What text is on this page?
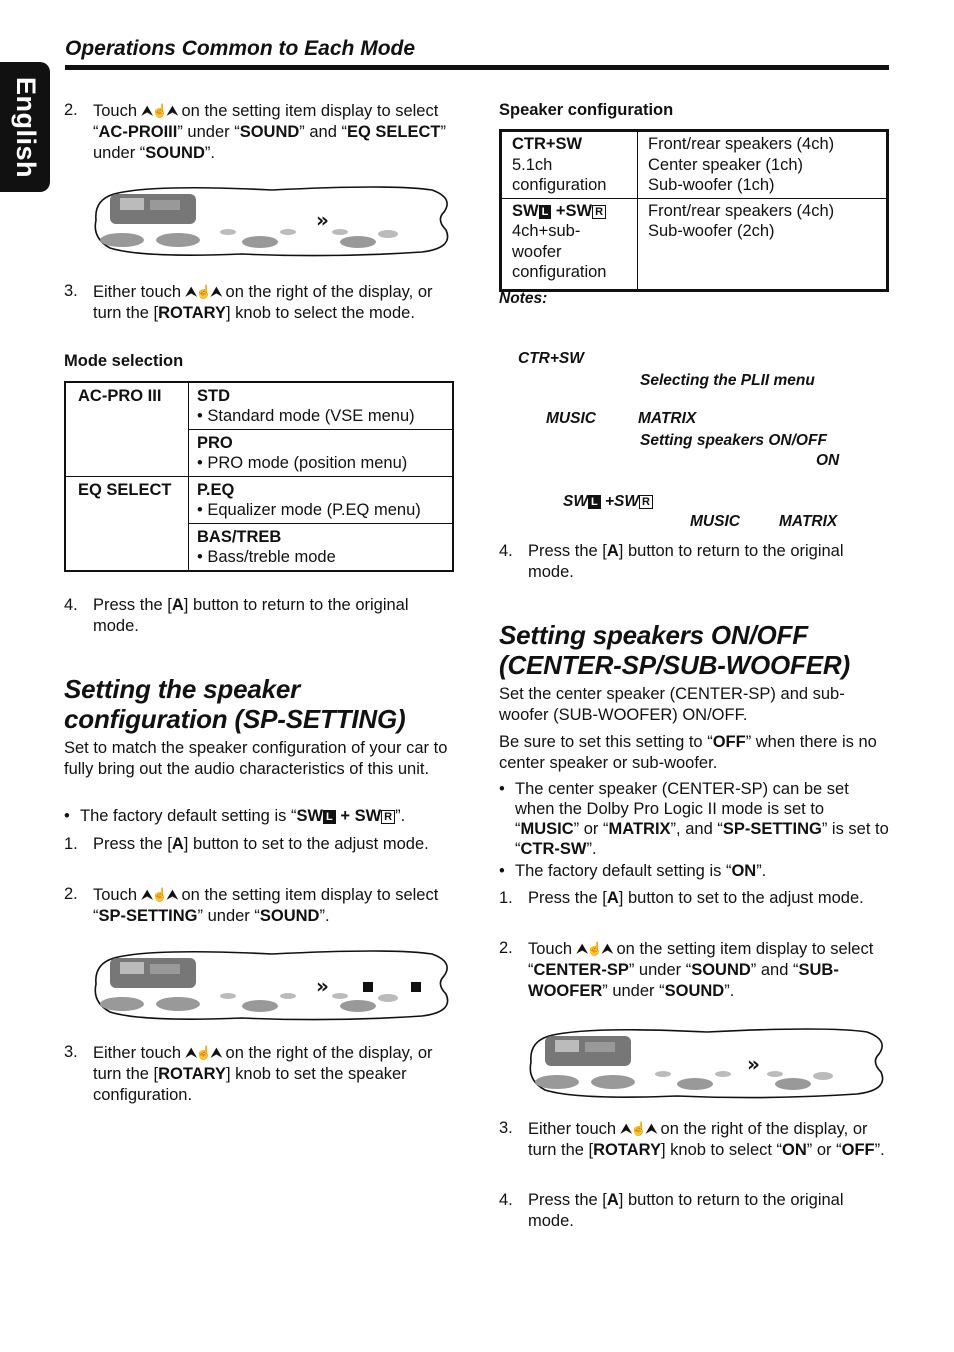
English
Operations Common to Each Mode
2. Touch ⮝☝⮝ on the setting item display to select “AC-PROIII” under “SOUND” and “EQ SELECT” under “SOUND”.
»
3. Either touch ⮝☝⮝ on the right of the display, or turn the [ROTARY] knob to select the mode.
Mode selection
AC-PRO III	STD
• Standard mode (VSE menu)
	PRO
• PRO mode (position menu)
EQ SELECT	P.EQ
• Equalizer mode (P.EQ menu)
	BAS/TREB
• Bass/treble mode
4. Press the [A] button to return to the original mode.
Setting the speaker configuration (SP-SETTING)
Set to match the speaker configuration of your car to fully bring out the audio characteristics of this unit.
• The factory default setting is “SW L + SW R ”.
1. Press the [A] button to set to the adjust mode.
2. Touch ⮝☝⮝ on the setting item display to select “SP-SETTING” under “SOUND”.
»
3. Either touch ⮝☝⮝ on the right of the display, or turn the [ROTARY] knob to set the speaker configuration.
Speaker configuration
CTR+SW
5.1ch
configuration	Front/rear speakers (4ch)
Center speaker (1ch)
Sub-woofer (1ch)
SW L +SW R
4ch+sub-woofer
configuration	Front/rear speakers (4ch)
Sub-woofer (2ch)
Notes:
CTR+SW
Selecting the PLII menu
MUSIC	MATRIX
Setting speakers ON/OFF
ON
SW L +SW R
MUSIC	MATRIX
4. Press the [A] button to return to the original mode.
Setting speakers ON/OFF (CENTER-SP/SUB-WOOFER)
Set the center speaker (CENTER-SP) and sub-woofer (SUB-WOOFER) ON/OFF.
Be sure to set this setting to “OFF” when there is no center speaker or sub-woofer.
• The center speaker (CENTER-SP) can be set when the Dolby Pro Logic II mode is set to “MUSIC” or “MATRIX”, and “SP-SETTING” is set to “CTR-SW”.
• The factory default setting is “ON”.
1. Press the [A] button to set to the adjust mode.
2. Touch ⮝☝⮝ on the setting item display to select “CENTER-SP” under “SOUND” and “SUB-WOOFER” under “SOUND”.
»
3. Either touch ⮝☝⮝ on the right of the display, or turn the [ROTARY] knob to select “ON” or “OFF”.
4. Press the [A] button to return to the original mode.
